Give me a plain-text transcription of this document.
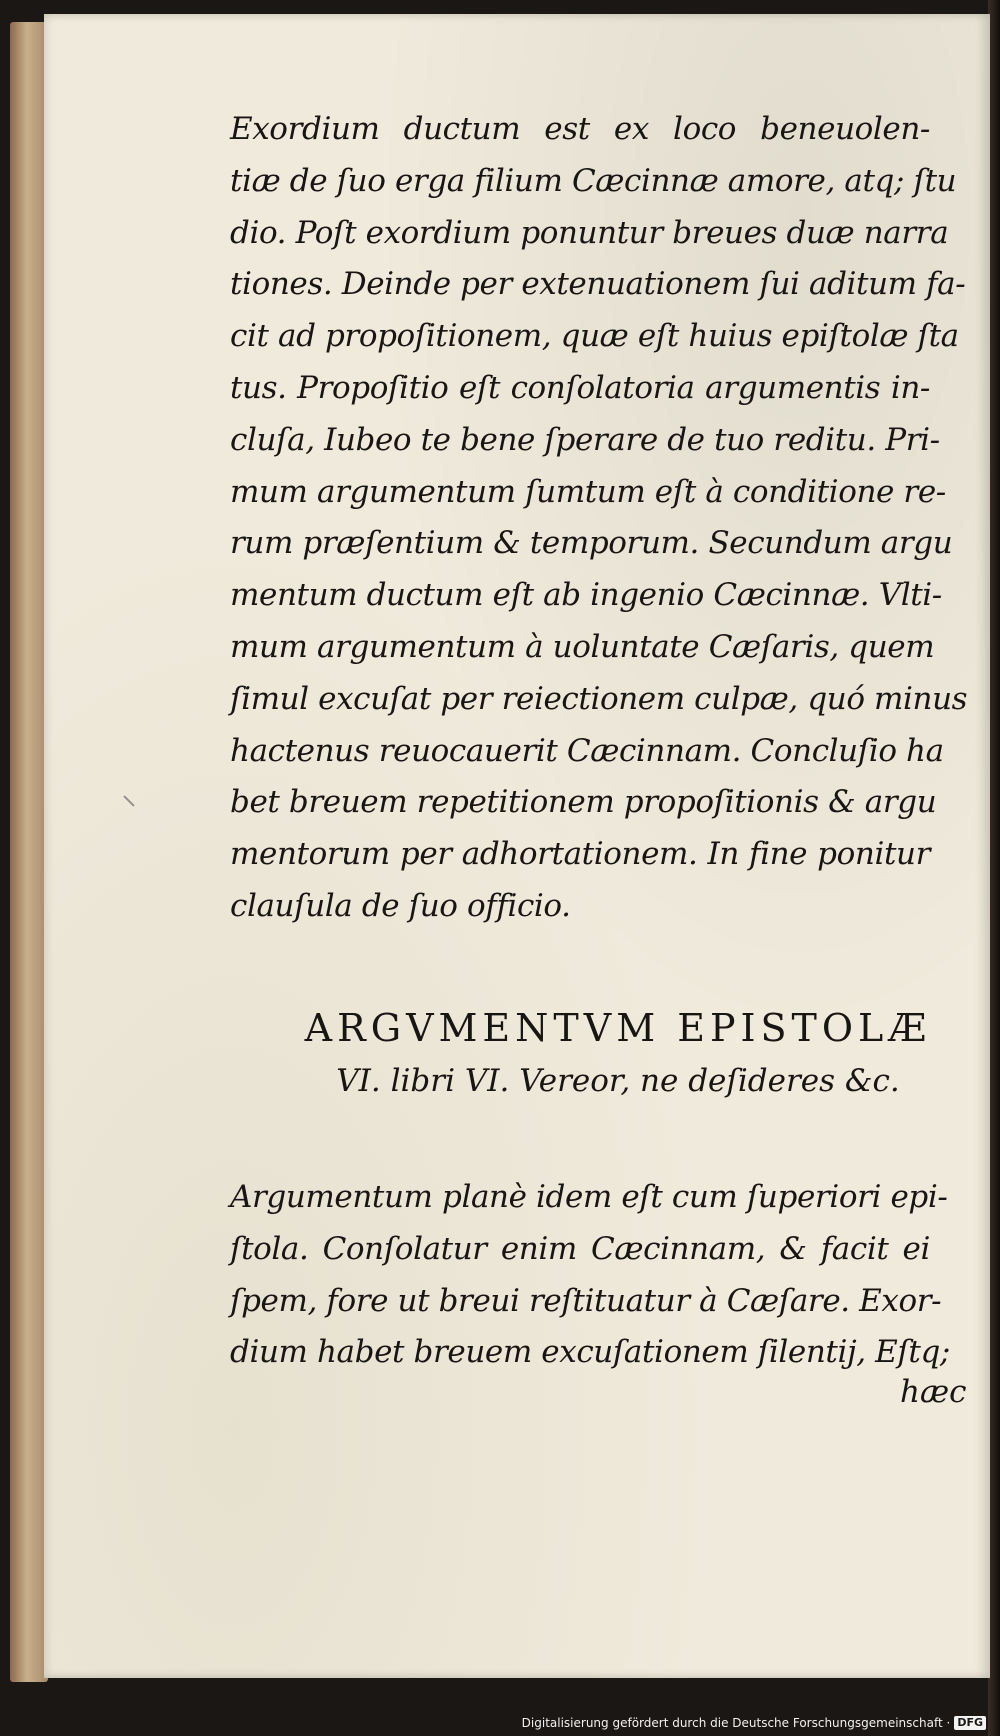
Exordium ductum est ex loco beneuolen-
tiæ de ſuo erga filium Cæcinnæ amore, atq; ſtu
dio. Poſt exordium ponuntur breues duæ narra
tiones. Deinde per extenuationem ſui aditum fa-
cit ad propoſitionem, quæ eſt huius epiſtolæ ſta
tus. Propoſitio eſt conſolatoria argumentis in-
cluſa, Iubeo te bene ſperare de tuo reditu. Pri-
mum argumentum ſumtum eſt à conditione re-
rum præſentium & temporum. Secundum argu
mentum ductum eſt ab ingenio Cæcinnæ. Vlti-
mum argumentum à uoluntate Cæſaris, quem
ſimul excuſat per reiectionem culpæ, quó minus
hactenus reuocauerit Cæcinnam. Concluſio ha
bet breuem repetitionem propoſitionis & argu
mentorum per adhortationem. In fine ponitur
clauſula de ſuo officio.
ARGVMENTVM EPISTOLÆ
VI. libri VI. Vereor, ne deſideres &c.
Argumentum planè idem eſt cum ſuperiori epi-
ſtola. Conſolatur enim Cæcinnam, & facit ei
ſpem, fore ut breui reſtituatur à Cæſare. Exor-
dium habet breuem excuſationem ſilentij, Eſtq;
hæc
Digitalisierung gefördert durch die Deutsche Forschungsgemeinschaft · DFG
